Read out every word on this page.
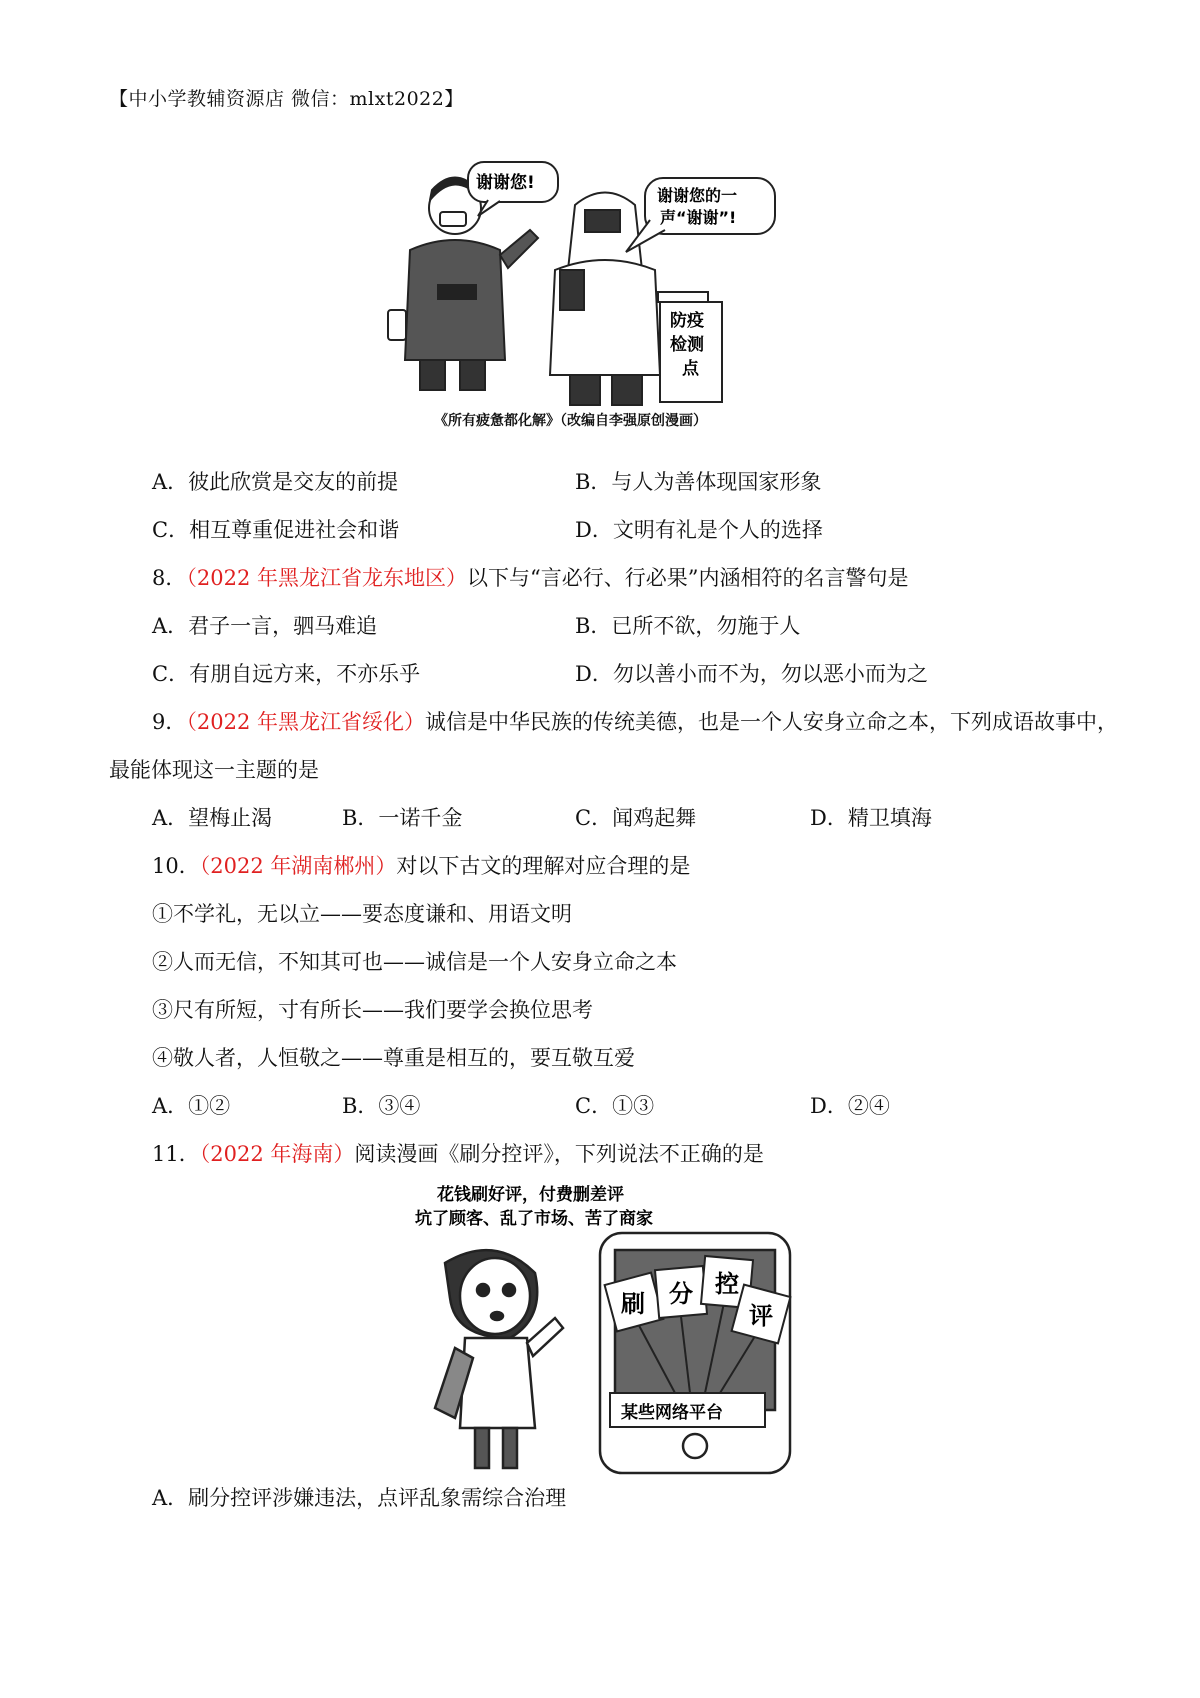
【中小学教辅资源店 微信：mlxt2022】
谢谢您!
谢谢您的一
声“谢谢”!
防疫
检测
点
《所有疲惫都化解》（改编自李强原创漫画）
A．彼此欣赏是交友的前提	B．与人为善体现国家形象
C．相互尊重促进社会和谐	D．文明有礼是个人的选择
8．（2022 年黑龙江省龙东地区）以下与“言必行、行必果”内涵相符的名言警句是
A．君子一言，驷马难追	B．已所不欲，勿施于人
C．有朋自远方来，不亦乐乎	D．勿以善小而不为，勿以恶小而为之
9．（2022 年黑龙江省绥化）诚信是中华民族的传统美德，也是一个人安身立命之本，下列成语故事中，
最能体现这一主题的是
A．望梅止渴	B．一诺千金	C．闻鸡起舞	D．精卫填海
10．（2022 年湖南郴州）对以下古文的理解对应合理的是
①不学礼，无以立——要态度谦和、用语文明
②人而无信，不知其可也——诚信是一个人安身立命之本
③尺有所短，寸有所长——我们要学会换位思考
④敬人者，人恒敬之——尊重是相互的，要互敬互爱
A．①②	B．③④	C．①③	D．②④
11．（2022 年海南）阅读漫画《刷分控评》，下列说法不正确的是
花钱刷好评，付费删差评
坑了顾客、乱了市场、苦了商家
某些网络平台
刷 分 控
评
A．刷分控评涉嫌违法，点评乱象需综合治理
